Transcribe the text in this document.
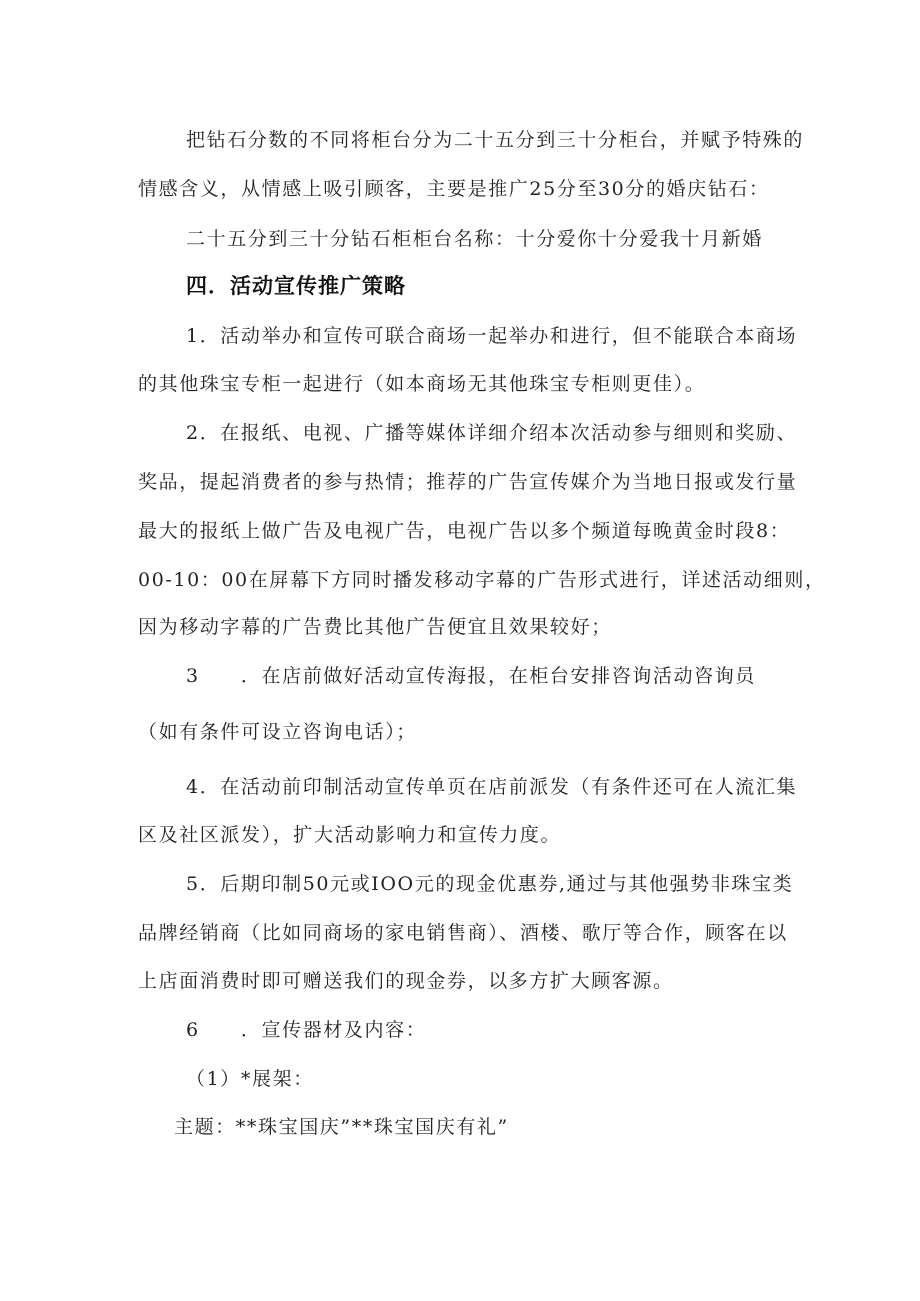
把钻石分数的不同将柜台分为二十五分到三十分柜台，并赋予特殊的
情感含义，从情感上吸引顾客，主要是推广25分至30分的婚庆钻石：
二十五分到三十分钻石柜柜台名称：十分爱你十分爱我十月新婚
四．活动宣传推广策略
1．活动举办和宣传可联合商场一起举办和进行，但不能联合本商场
的其他珠宝专柜一起进行（如本商场无其他珠宝专柜则更佳）。
2．在报纸、电视、广播等媒体详细介绍本次活动参与细则和奖励、
奖品，提起消费者的参与热情；推荐的广告宣传媒介为当地日报或发行量
最大的报纸上做广告及电视广告，电视广告以多个频道每晚黄金时段8：
00-10：00在屏幕下方同时播发移动字幕的广告形式进行，详述活动细则，
因为移动字幕的广告费比其他广告便宜且效果较好；
3　　．在店前做好活动宣传海报，在柜台安排咨询活动咨询员
（如有条件可设立咨询电话）；
4．在活动前印制活动宣传单页在店前派发（有条件还可在人流汇集
区及社区派发），扩大活动影响力和宣传力度。
5．后期印制50元或IOO元的现金优惠券,通过与其他强势非珠宝类
品牌经销商（比如同商场的家电销售商）、酒楼、歌厅等合作，顾客在以
上店面消费时即可赠送我们的现金券，以多方扩大顾客源。
6　　．宣传器材及内容：
（1）*展架：
主题：**珠宝国庆”**珠宝国庆有礼”
